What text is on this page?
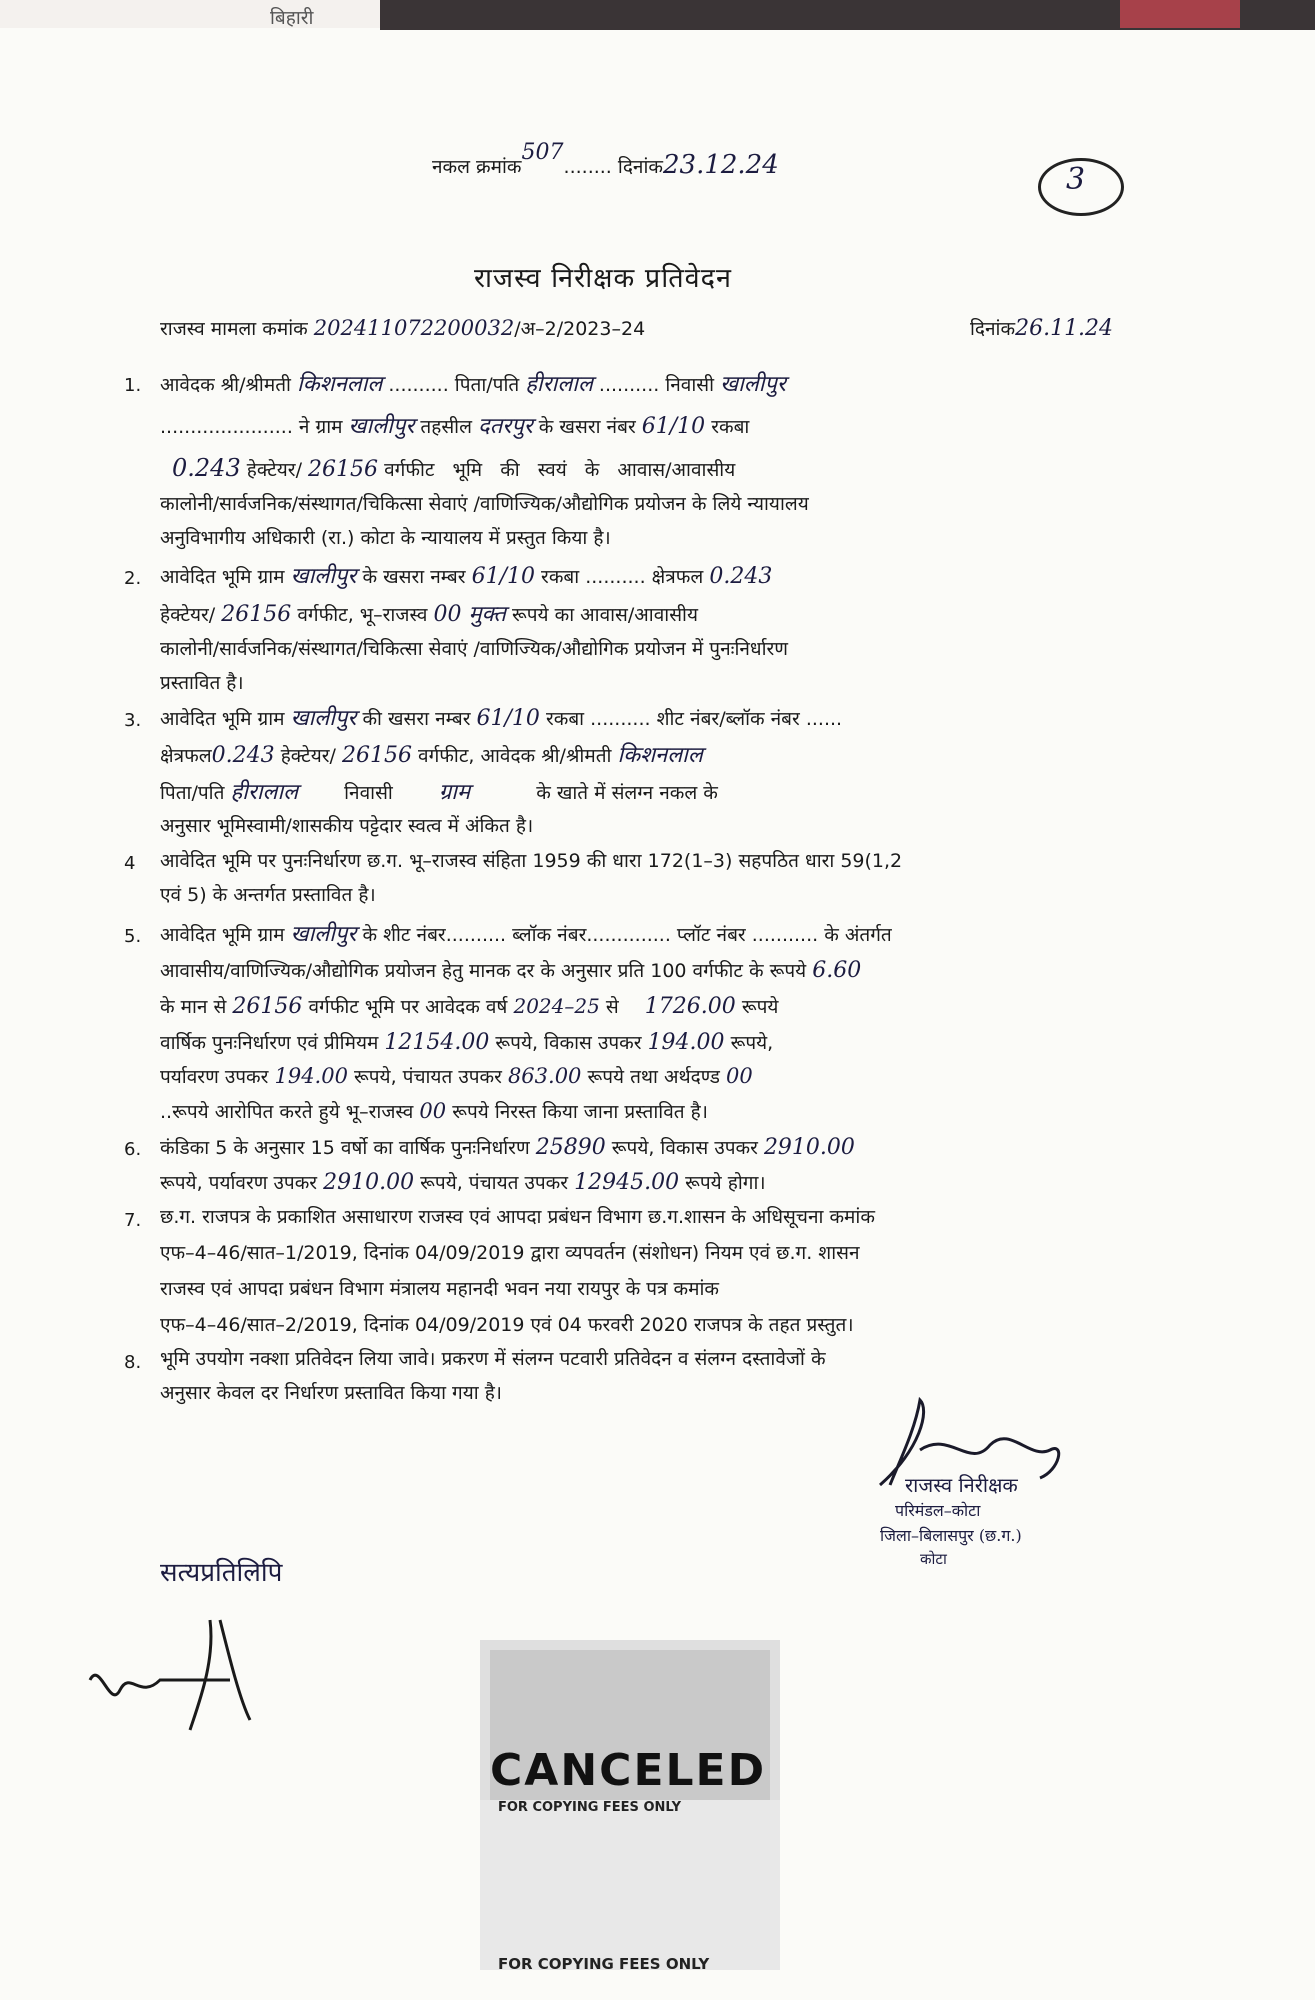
बिहारी
नकल क्रमांक507........ दिनांक23.12.24	3
राजस्व निरीक्षक प्रतिवेदन
राजस्व मामला कमांक 202411072200032/अ–2/2023–24	दिनांक26.11.24
1. आवेदक श्री/श्रीमती किशनलाल .......... पिता/पति हीरालाल .......... निवासी खालीपुर
...................... ने ग्राम खालीपुर तहसील दतरपुर के खसरा नंबर 61/10 रकबा
0.243 हेक्टेयर/ 26156 वर्गफीट भूमि की स्वयं के आवास/आवासीय
कालोनी/सार्वजनिक/संस्थागत/चिकित्सा सेवाएं /वाणिज्यिक/औद्योगिक प्रयोजन के लिये न्यायालय
अनुविभागीय अधिकारी (रा.) कोटा के न्यायालय में प्रस्तुत किया है।
2. आवेदित भूमि ग्राम खालीपुर के खसरा नम्बर 61/10 रकबा .......... क्षेत्रफल 0.243
हेक्टेयर/ 26156 वर्गफीट, भू–राजस्व 00 मुक्त रूपये का आवास/आवासीय
कालोनी/सार्वजनिक/संस्थागत/चिकित्सा सेवाएं /वाणिज्यिक/औद्योगिक प्रयोजन में पुनःनिर्धारण
प्रस्तावित है।
3. आवेदित भूमि ग्राम खालीपुर की खसरा नम्बर 61/10 रकबा .......... शीट नंबर/ब्लॉक नंबर ......
क्षेत्रफल0.243 हेक्टेयर/ 26156 वर्गफीट, आवेदक श्री/श्रीमती किशनलाल
पिता/पति हीरालाल निवासी ग्राम	के खाते में संलग्न नकल के
अनुसार भूमिस्वामी/शासकीय पट्टेदार स्वत्व में अंकित है।
4 आवेदित भूमि पर पुनःनिर्धारण छ.ग. भू–राजस्व संहिता 1959 की धारा 172(1–3) सहपठित धारा 59(1,2
एवं 5) के अन्तर्गत प्रस्तावित है।
5. आवेदित भूमि ग्राम खालीपुर के शीट नंबर.......... ब्लॉक नंबर.............. प्लॉट नंबर ........... के अंतर्गत
आवासीय/वाणिज्यिक/औद्योगिक प्रयोजन हेतु मानक दर के अनुसार प्रति 100 वर्गफीट के रूपये 6.60
के मान से 26156 वर्गफीट भूमि पर आवेदक वर्ष 2024–25 से 1726.00 रूपये
वार्षिक पुनःनिर्धारण एवं प्रीमियम 12154.00 रूपये, विकास उपकर 194.00 रूपये,
पर्यावरण उपकर 194.00 रूपये, पंचायत उपकर 863.00 रूपये तथा अर्थदण्ड 00
..रूपये आरोपित करते हुये भू–राजस्व 00 रूपये निरस्त किया जाना प्रस्तावित है।
6. कंडिका 5 के अनुसार 15 वर्षो का वार्षिक पुनःनिर्धारण 25890 रूपये, विकास उपकर 2910.00
रूपये, पर्यावरण उपकर 2910.00 रूपये, पंचायत उपकर 12945.00 रूपये होगा।
7. छ.ग. राजपत्र के प्रकाशित असाधारण राजस्व एवं आपदा प्रबंधन विभाग छ.ग.शासन के अधिसूचना कमांक
एफ–4–46/सात–1/2019, दिनांक 04/09/2019 द्वारा व्यपवर्तन (संशोधन) नियम एवं छ.ग. शासन
राजस्व एवं आपदा प्रबंधन विभाग मंत्रालय महानदी भवन नया रायपुर के पत्र कमांक
एफ–4–46/सात–2/2019, दिनांक 04/09/2019 एवं 04 फरवरी 2020 राजपत्र के तहत प्रस्तुत।
8. भूमि उपयोग नक्शा प्रतिवेदन लिया जावे। प्रकरण में संलग्न पटवारी प्रतिवेदन व संलग्न दस्तावेजों के
अनुसार केवल दर निर्धारण प्रस्तावित किया गया है।
राजस्व निरीक्षक
परिमंडल–कोटा
जिला–बिलासपुर (छ.ग.)
कोटा
सत्यप्रतिलिपि
CANCELED
FOR COPYING FEES ONLY
FOR COPYING FEES ONLY
